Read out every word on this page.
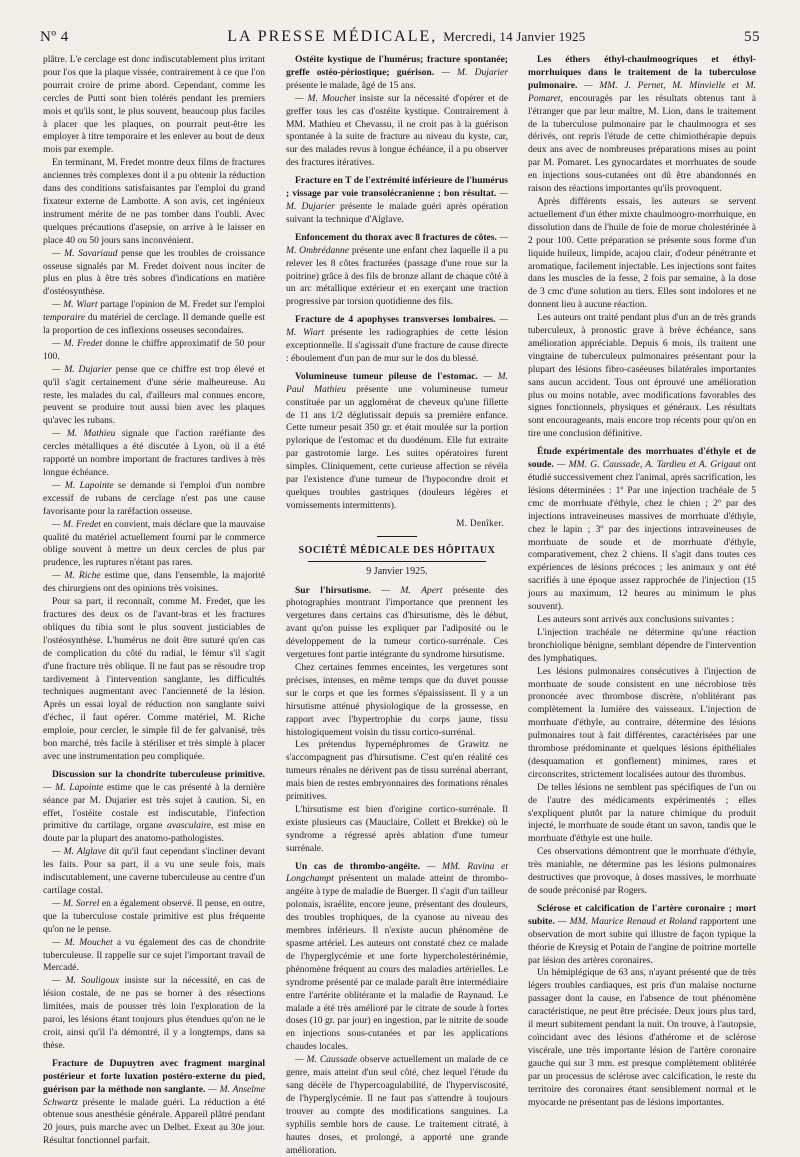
Nº 4	LA PRESSE MÉDICALE, Mercredi, 14 Janvier 1925	55

plâtre. L'e cerclage est donc indiscutablement plus irritant pour l'os que la plaque vissée, contrairement à ce que l'on pourrait croire de prime abord. Cependant, comme les cercles de Putti sont bien tolérés pendant les premiers mois et qu'ils sont, le plus souvent, beaucoup plus faciles à placer que les plaques, on pourrait peut-être les employer à titre temporaire et les enlever au bout de deux mois par exemple.

En terminant, M. Fredet montre deux films de fractures anciennes très complexes dont il a pu obtenir la réduction dans des conditions satisfaisantes par l'emploi du grand fixateur externe de Lambotte. A son avis, cet ingénieux instrument mérite de ne pas tomber dans l'oubli. Avec quelques précautions d'asepsie, on arrive à le laisser en place 40 ou 50 jours sans inconvénient.

— M. Savariaud pense que les troubles de croissance osseuse signalés par M. Fredet doivent nous inciter de plus en plus à être très sobres d'indications en matière d'ostéosynthèse.

— M. Wiart partage l'opinion de M. Fredet sur l'emploi temporaire du matériel de cerclage. Il demande quelle est la proportion de ces inflexions osseuses secondaires.

— M. Fredet donne le chiffre approximatif de 50 pour 100.

— M. Dujarier pense que ce chiffre est trop élevé et qu'il s'agit certainement d'une série malheureuse. Au reste, les malades du cal, d'ailleurs mal connues encore, peuvent se produire tout aussi bien avec les plaques qu'avec les rubans.

— M. Mathieu signale que l'action raréfiante des cercles métalliques a été discutée à Lyon, où il a été rapporté un nombre important de fractures tardives à très longue échéance.

— M. Lapointe se demande si l'emploi d'un nombre excessif de rubans de cerclage n'est pas une cause favorisante pour la raréfaction osseuse.

— M. Fredet en convient, mais déclare que la mauvaise qualité du matériel actuellement fourni par le commerce oblige souvent à mettre un deux cercles de plus par prudence, les ruptures n'étant pas rares.

— M. Riche estime que, dans l'ensemble, la majorité des chirurgiens ont des opinions très voisines.

Pour sa part, il reconnaît, comme M. Fredet, que les fractures des deux os de l'avant-bras et les fractures obliques du tibia sont le plus souvent justiciables de l'ostéosynthèse. L'humérus ne doit être suturé qu'en cas de complication du côté du radial, le fémur s'il s'agit d'une fracture très oblique. Il ne faut pas se résoudre trop tardivement à l'intervention sanglante, les difficultés techniques augmentant avec l'ancienneté de la lésion. Après un essai loyal de réduction non sanglante suivi d'échec, il faut opérer. Comme matériel, M. Riche emploie, pour cercler, le simple fil de fer galvanisé, très bon marché, très facile à stériliser et très simple à placer avec une instrumentation peu compliquée.

Discussion sur la chondrite tuberculeuse primitive. — M. Lapointe estime que le cas présenté à la dernière séance par M. Dujarier est très sujet à caution. Si, en effet, l'ostéite costale est indiscutable, l'infection primitive du cartilage, organe avasculaire, est mise en doute par la plupart des anatomo-pathologistes.

— M. Alglave dit qu'il faut cependant s'incliner devant les faits. Pour sa part, il a vu une seule fois, mais indiscutablement, une caverne tuberculeuse au centre d'un cartilage costal.

— M. Sorrel en a également observé. Il pense, en outre, que la tuberculose costale primitive est plus fréquente qu'on ne le pense.

— M. Mouchet a vu également des cas de chondrite tuberculeuse. Il rappelle sur ce sujet l'important travail de Mercadé.

— M. Souligoux insiste sur la nécessité, en cas de lésion costale, de ne pas se borner à des résections limitées, mais de pousser très loin l'exploration de la paroi, les lésions étant toujours plus étendues qu'on ne le croit, ainsi qu'il l'a démontré, il y a longtemps, dans sa thèse.

Fracture de Dupuytren avec fragment marginal postérieur et forte luxation postéro-externe du pied, guérison par la méthode non sanglante. — M. Anselme Schwartz présente le malade guéri. La réduction a été obtenue sous anesthésie générale. Appareil plâtré pendant 20 jours, puis marche avec un Delbet. Exeat au 30e jour. Résultat fonctionnel parfait.

Ostéite kystique de l'humérus; fracture spontanée; greffe ostéo-périostique; guérison. — M. Dujarier présente le malade, âgé de 15 ans.

— M. Mouchet insiste sur la nécessité d'opérer et de greffer tous les cas d'ostéite kystique. Contrairement à MM. Mathieu et Chevassu, il ne croit pas à la guérison spontanée à la suite de fracture au niveau du kyste, car, sur des malades revus à longue échéance, il a pu observer des fractures itératives.

Fracture en T de l'extrémité inférieure de l'humérus ; vissage par voie transolécranienne ; bon résultat. — M. Dujarier présente le malade guéri après opération suivant la technique d'Alglave.

Enfoncement du thorax avec 8 fractures de côtes. — M. Ombrédanne présente une enfant chez laquelle il a pu relever les 8 côtes fracturées (passage d'une roue sur la poitrine) grâce à des fils de bronze allant de chaque côté à un arc métallique extérieur et en exerçant une traction progressive par torsion quotidienne des fils.

Fracture de 4 apophyses transverses lombaires. — M. Wiart présente les radiographies de cette lésion exceptionnelle. Il s'agissait d'une fracture de cause directe : éboulement d'un pan de mur sur le dos du blessé.

Volumineuse tumeur pileuse de l'estomac. — M. Paul Mathieu présente une volumineuse tumeur constituée par un agglomérat de cheveux qu'une fillette de 11 ans 1/2 déglutissait depuis sa première enfance. Cette tumeur pesait 350 gr. et était moulée sur la portion pylorique de l'estomac et du duodénum. Elle fut extraite par gastrotomie large. Les suites opératoires furent simples. Cliniquement, cette curieuse affection se révéla par l'existence d'une tumeur de l'hypocondre droit et quelques troubles gastriques (douleurs légères et vomissements intermittents).

M. Denîker.
SOCIÉTÉ MÉDICALE DES HÔPITAUX
9 Janvier 1925.

Sur l'hirsutisme. — M. Apert présente des photographies montrant l'importance que prennent les vergetures dans certains cas d'hirsutisme, dès le début, avant qu'on puisse les expliquer par l'adiposité ou le développement de la tumeur cortico-surrénale. Ces vergetures font partie intégrante du syndrome hirsutisme.

Chez certaines femmes enceintes, les vergetures sont précises, intenses, en même temps que du duvet pousse sur le corps et que les formes s'épaississent. Il y a un hirsutisme atténué physiologique de la grossesse, en rapport avec l'hypertrophie du corps jaune, tissu histologiquement voisin du tissu cortico-surrénal.

Les prétendus hypernéphromes de Grawitz ne s'accompagnent pas d'hirsutisme. C'est qu'en réalité ces tumeurs rénales ne dérivent pas de tissu surrénal aberrant, mais bien de restes embryonnaires des formations rénales primitives.

L'hirsutisme est bien d'origine cortico-surrénale. Il existe plusieurs cas (Mauclaire, Collett et Brekke) où le syndrome a régressé après ablation d'une tumeur surrénale.

Un cas de thrombo-angéite. — MM. Ravina et Longchampt présentent un malade atteint de thrombo-angéite à type de maladie de Buerger. Il s'agit d'un tailleur polonais, israélite, encore jeune, présentant des douleurs, des troubles trophiques, de la cyanose au niveau des membres inférieurs. Il n'existe aucun phénomène de spasme artériel. Les auteurs ont constaté chez ce malade de l'hyperglycémie et une forte hypercholestérinémie, phénomène fréquent au cours des maladies artérielles. Le syndrome présenté par ce malade paraît être intermédiaire entre l'artérite oblitérante et la maladie de Raynaud. Le malade a été très amélioré par le citrate de soude à fortes doses (10 gr. par jour) en ingestion, par le nitrite de soude en injections sous-cutanées et par les applications chaudes locales.

— M. Caussade observe actuellement un malade de ce genre, mais atteint d'un seul côté, chez lequel l'étude du sang décèle de l'hypercoagulabilité, de l'hyperviscosité, de l'hyperglycémie. Il ne faut pas s'attendre à toujours trouver au compte des modifications sanguines. La syphilis semble hors de cause. Le traitement citraté, à hautes doses, et prolongé, a apporté une grande amélioration.

Les éthers éthyl-chaulmoogriques et éthyl-morrhuiques dans le traitement de la tuberculose pulmonaire. — MM. J. Pernet, M. Minvielle et M. Pomaret, encouragés par les résultats obtenus tant à l'étranger que par leur maître, M. Lion, dans le traitement de la tuberculose pulmonaire par le chaulmoogra et ses dérivés, ont repris l'étude de cette chimiothérapie depuis deux ans avec de nombreuses préparations mises au point par M. Pomaret. Les gynocardates et morrhuates de soude en injections sous-cutanées ont dû être abandonnés en raison des réactions importantes qu'ils provoquent.

Après différents essais, les auteurs se servent actuellement d'un éther mixte chaulmoogro-morrhuique, en dissolution dans de l'huile de foie de morue cholestérinée à 2 pour 100. Cette préparation se présente sous forme d'un liquide huileux, limpide, acajou clair, d'odeur pénétrante et aromatique, facilement injectable. Les injections sont faites dans les muscles de la fesse, 2 fois par semaine, à la dose de 3 cmc d'une solution au tiers. Elles sont indolores et ne donnent lieu à aucune réaction.

Les auteurs ont traité pendant plus d'un an de très grands tuberculeux, à pronostic grave à brève échéance, sans amélioration appréciable. Depuis 6 mois, ils traitent une vingtaine de tuberculeux pulmonaires présentant pour la plupart des lésions fibro-caséeuses bilatérales importantes sans aucun accident. Tous ont éprouvé une amélioration plus ou moins notable, avec modifications favorables des signes fonctionnels, physiques et généraux. Les résultats sont encourageants, mais encore trop récents pour qu'on en tire une conclusion définitive.

Étude expérimentale des morrhuates d'éthyle et de soude. — MM. G. Caussade, A. Tardieu et A. Grigaut ont étudié successivement chez l'animal, après sacrification, les lésions déterminées : 1º Par une injection trachéale de 5 cmc de morrhuate d'éthyle, chez le chien ; 2º par des injections intraveineuses massives de morrhuate d'éthyle, chez le lapin ; 3º par des injections intraveineuses de morrhuate de soude et de morrhuate d'éthyle, comparativement, chez 2 chiens. Il s'agit dans toutes ces expériences de lésions précoces ; les animaux y ont été sacrifiés à une époque assez rapprochée de l'injection (15 jours au maximum, 12 heures au minimum le plus souvent).

Les auteurs sont arrivés aux conclusions suivantes :

L'injection trachéale ne détermine qu'une réaction bronchiolique bénigne, semblant dépendre de l'intervention des lymphatiques.

Les lésions pulmonaires consécutives à l'injection de morrhuate de soude consistent en une nécrobiose très prononcée avec thrombose discrète, n'oblitérant pas complètement la lumière des vaisseaux. L'injection de morrhuate d'éthyle, au contraire, détermine des lésions pulmonaires tout à fait différentes, caractérisées par une thrombose prédominante et quelques lésions épithéliales (desquamation et gonflement) minimes, rares et circonscrites, strictement localisées autour des thrombus.

De telles lésions ne semblent pas spécifiques de l'un ou de l'autre des médicaments expérimentés ; elles s'expliquent plutôt par la nature chimique du produit injecté, le morrhuate de soude étant un savon, tandis que le morrhuate d'éthyle est une huile.

Ces observations démontrent que le morrhuate d'éthyle, très maniable, ne détermine pas les lésions pulmonaires destructives que provoque, à doses massives, le morrhuate de soude préconisé par Rogers.

Sclérose et calcification de l'artère coronaire ; mort subite. — MM. Maurice Renaud et Roland rapportent une observation de mort subite qui illustre de façon typique la théorie de Kreysig et Potain de l'angine de poitrine mortelle par lésion des artères coronaires.

Un hémiplégique de 63 ans, n'ayant présenté que de très légers troubles cardiaques, est pris d'un malaise nocturne passager dont la cause, en l'absence de tout phénomène caractéristique, ne peut être précisée. Deux jours plus tard, il meurt subitement pendant la nuit. On trouve, à l'autopsie, coïncidant avec des lésions d'athérome et de sclérose viscérale, une très importante lésion de l'artère coronaire gauche qui sur 3 mm. est presque complètement oblitérée par un processus de sclérose avec calcification, le reste du territoire des coronaires étant sensiblement normal et le myocarde ne présentant pas de lésions importantes.
